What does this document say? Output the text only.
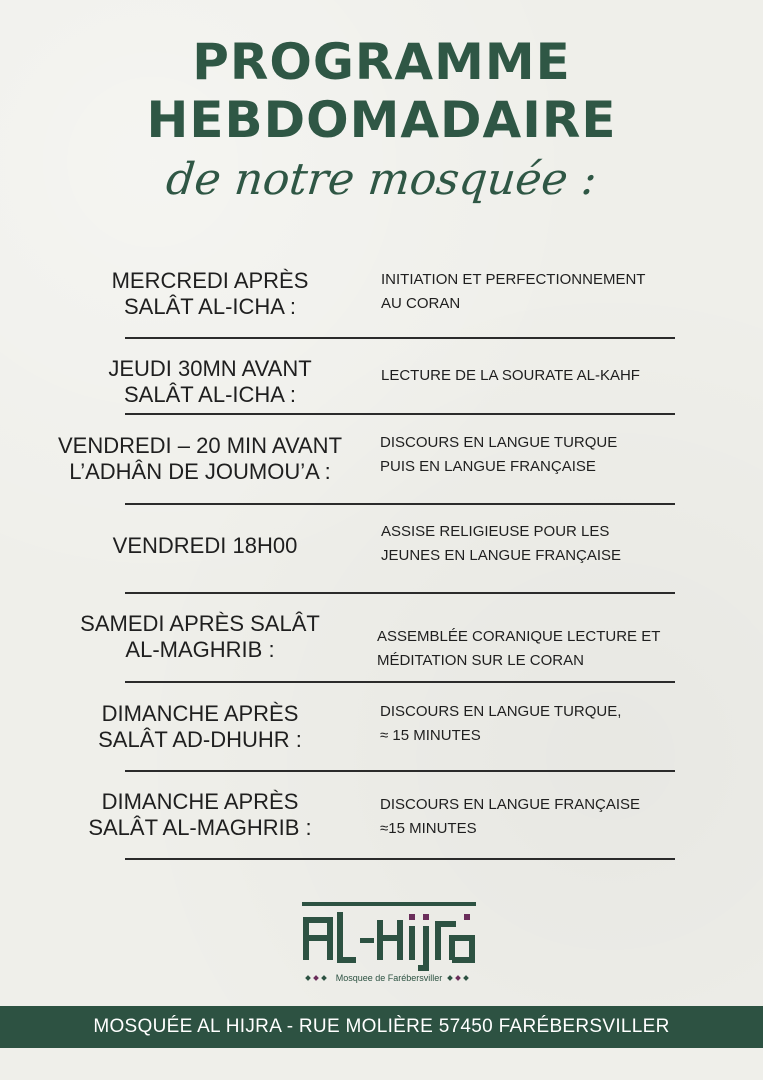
PROGRAMME
HEBDOMADAIRE
de notre mosquée :
MERCREDI APRÈS
SALÂT AL-ICHA :
INITIATION ET PERFECTIONNEMENT
AU CORAN
JEUDI 30MN AVANT
SALÂT AL-ICHA :
LECTURE DE LA SOURATE AL-KAHF
VENDREDI – 20 MIN AVANT
L’ADHÂN DE JOUMOU’A :
DISCOURS EN LANGUE TURQUE
PUIS EN LANGUE FRANÇAISE
VENDREDI 18H00
ASSISE RELIGIEUSE POUR LES
JEUNES EN LANGUE FRANÇAISE
SAMEDI APRÈS SALÂT
AL-MAGHRIB :
ASSEMBLÉE CORANIQUE LECTURE ET
MÉDITATION SUR LE CORAN
DIMANCHE APRÈS
SALÂT AD-DHUHR :
DISCOURS EN LANGUE TURQUE,
≈ 15 MINUTES
DIMANCHE APRÈS
SALÂT AL-MAGHRIB :
DISCOURS EN LANGUE FRANÇAISE
≈15 MINUTES
Mosquee de Farébersviller
MOSQUÉE AL HIJRA - RUE MOLIÈRE 57450 FARÉBERSVILLER
